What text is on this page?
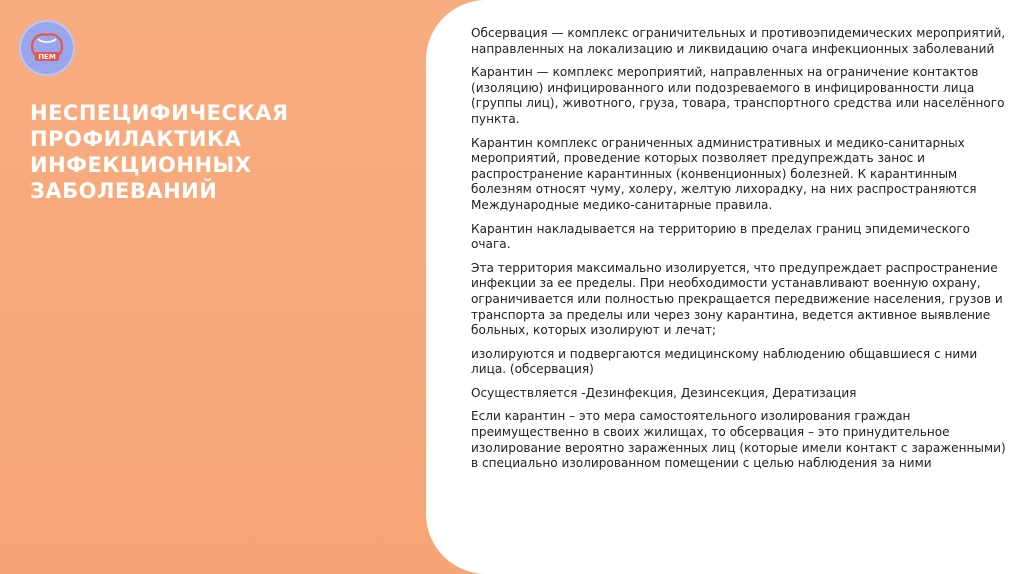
ПЕМ
НЕСПЕЦИФИЧЕСКАЯ
ПРОФИЛАКТИКА
ИНФЕКЦИОННЫХ
ЗАБОЛЕВАНИЙ

Обсервация — комплекс ограничительных и противоэпидемических мероприятий, направленных на локализацию и ликвидацию очага инфекционных заболеваний

Карантин — комплекс мероприятий, направленных на ограничение контактов (изоляцию) инфицированного или подозреваемого в инфицированности лица (группы лиц), животного, груза, товара, транспортного средства или населённого пункта.

Карантин комплекс ограниченных административных и медико-санитарных мероприятий, проведение которых позволяет предупреждать занос и распространение карантинных (конвенционных) болезней. К карантинным болезням относят чуму, холеру, желтую лихорадку, на них распространяются Международные медико-санитарные правила.

Карантин накладывается на территорию в пределах границ эпидемического очага.

Эта территория максимально изолируется, что предупреждает распространение инфекции за ее пределы. При необходимости устанавливают военную охрану, ограничивается или полностью прекращается передвижение населения, грузов и транспорта за пределы или через зону карантина, ведется активное выявление больных, которых изолируют и лечат;

изолируются и подвергаются медицинскому наблюдению общавшиеся с ними лица. (обсервация)

Осуществляется -Дезинфекция, Дезинсекция, Дератизация

Если карантин – это мера самостоятельного изолирования граждан преимущественно в своих жилищах, то обсервация – это принудительное изолирование вероятно зараженных лиц (которые имели контакт с зараженными) в специально изолированном помещении с целью наблюдения за ними
